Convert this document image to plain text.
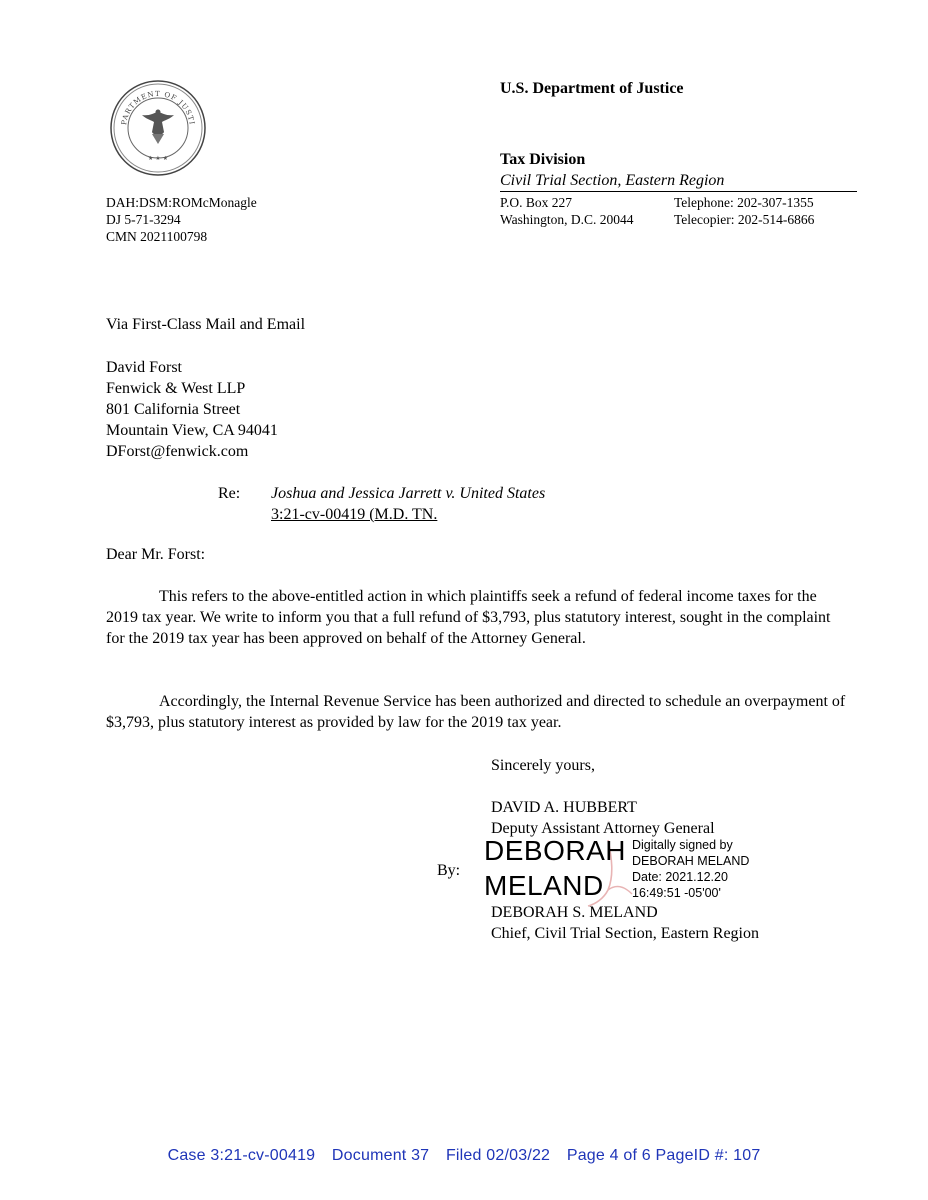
PARTMENT OF JUSTI
★ ★ ★
U.S. Department of Justice
Tax Division
Civil Trial Section, Eastern Region
P.O. Box 227
Washington, D.C. 20044
Telephone: 202-307-1355
Telecopier: 202-514-6866
DAH:DSM:ROMcMonagle
DJ 5-71-3294
CMN 2021100798
Via First-Class Mail and Email
David Forst
Fenwick & West LLP
801 California Street
Mountain View, CA 94041
DForst@fenwick.com
Re: Joshua and Jessica Jarrett v. United States
3:21-cv-00419 (M.D. TN.
Dear Mr. Forst:

This refers to the above-entitled action in which plaintiffs seek a refund of federal income taxes for the 2019 tax year. We write to inform you that a full refund of $3,793, plus statutory interest, sought in the complaint for the 2019 tax year has been approved on behalf of the Attorney General.

Accordingly, the Internal Revenue Service has been authorized and directed to schedule an overpayment of $3,793, plus statutory interest as provided by law for the 2019 tax year.

Sincerely yours,
DAVID A. HUBBERT
Deputy Assistant Attorney General
By:
DEBORAH
MELAND
Digitally signed by
DEBORAH MELAND
Date: 2021.12.20
16:49:51 -05'00'
DEBORAH S. MELAND
Chief, Civil Trial Section, Eastern Region
Case 3:21-cv-00419 Document 37 Filed 02/03/22 Page 4 of 6 PageID #: 107
